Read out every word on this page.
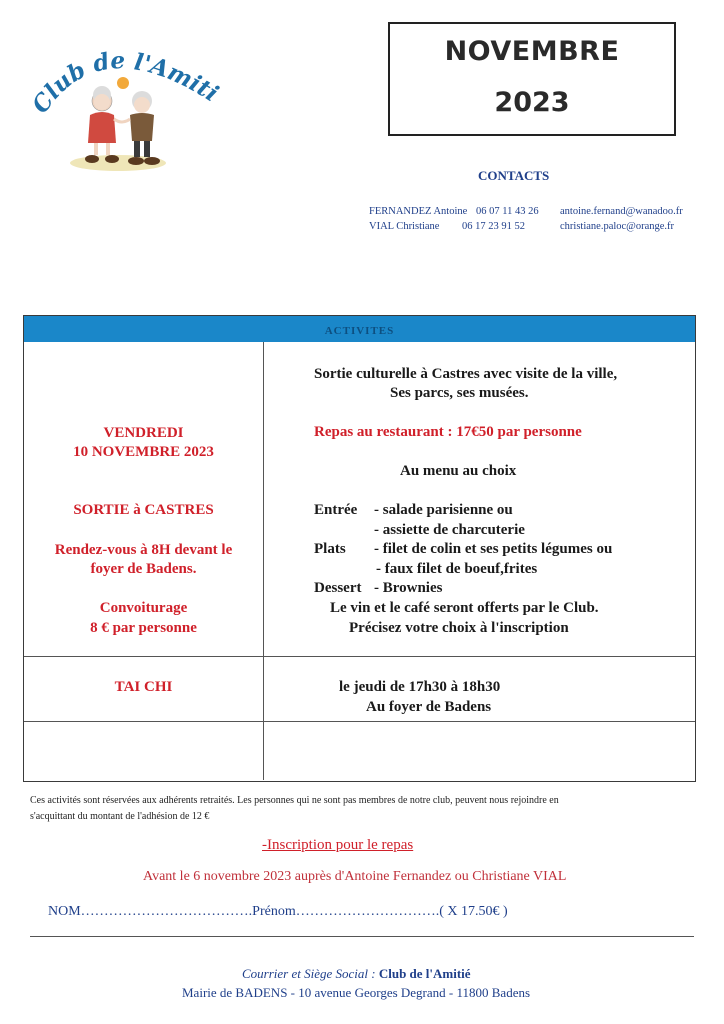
Club de l'Amiti
NOVEMBRE
2023
CONTACTS
FERNANDEZ Antoine 06 07 11 43 26 antoine.fernand@wanadoo.fr
VIAL Christiane 06 17 23 91 52	christiane.paloc@orange.fr
ACTIVITES
VENDREDI
10 NOVEMBRE 2023
SORTIE à CASTRES
Rendez-vous à 8H devant le
foyer de Badens.
Convoiturage
8 € par personne
Sortie culturelle à Castres avec visite de la ville,
Ses parcs, ses musées.
Repas au restaurant : 17€50 par personne
Au menu au choix
Entrée - salade parisienne ou
- assiette de charcuterie
Plats - filet de colin et ses petits légumes ou
- faux filet de boeuf,frites
Dessert - Brownies
Le vin et le café seront offerts par le Club.
Précisez votre choix à l'inscription
TAI CHI	le jeudi de 17h30 à 18h30
Au foyer de Badens
Ces activités sont réservées aux adhérents retraités. Les personnes qui ne sont pas membres de notre club, peuvent nous rejoindre en
s'acquittant du montant de l'adhésion de 12 €
-Inscription pour le repas
Avant le 6 novembre 2023 auprès d'Antoine Fernandez ou Christiane VIAL
NOM……………………………….Prénom………………………….( X 17.50€ )
Courrier et Siège Social : Club de l'Amitié
Mairie de BADENS - 10 avenue Georges Degrand - 11800 Badens
